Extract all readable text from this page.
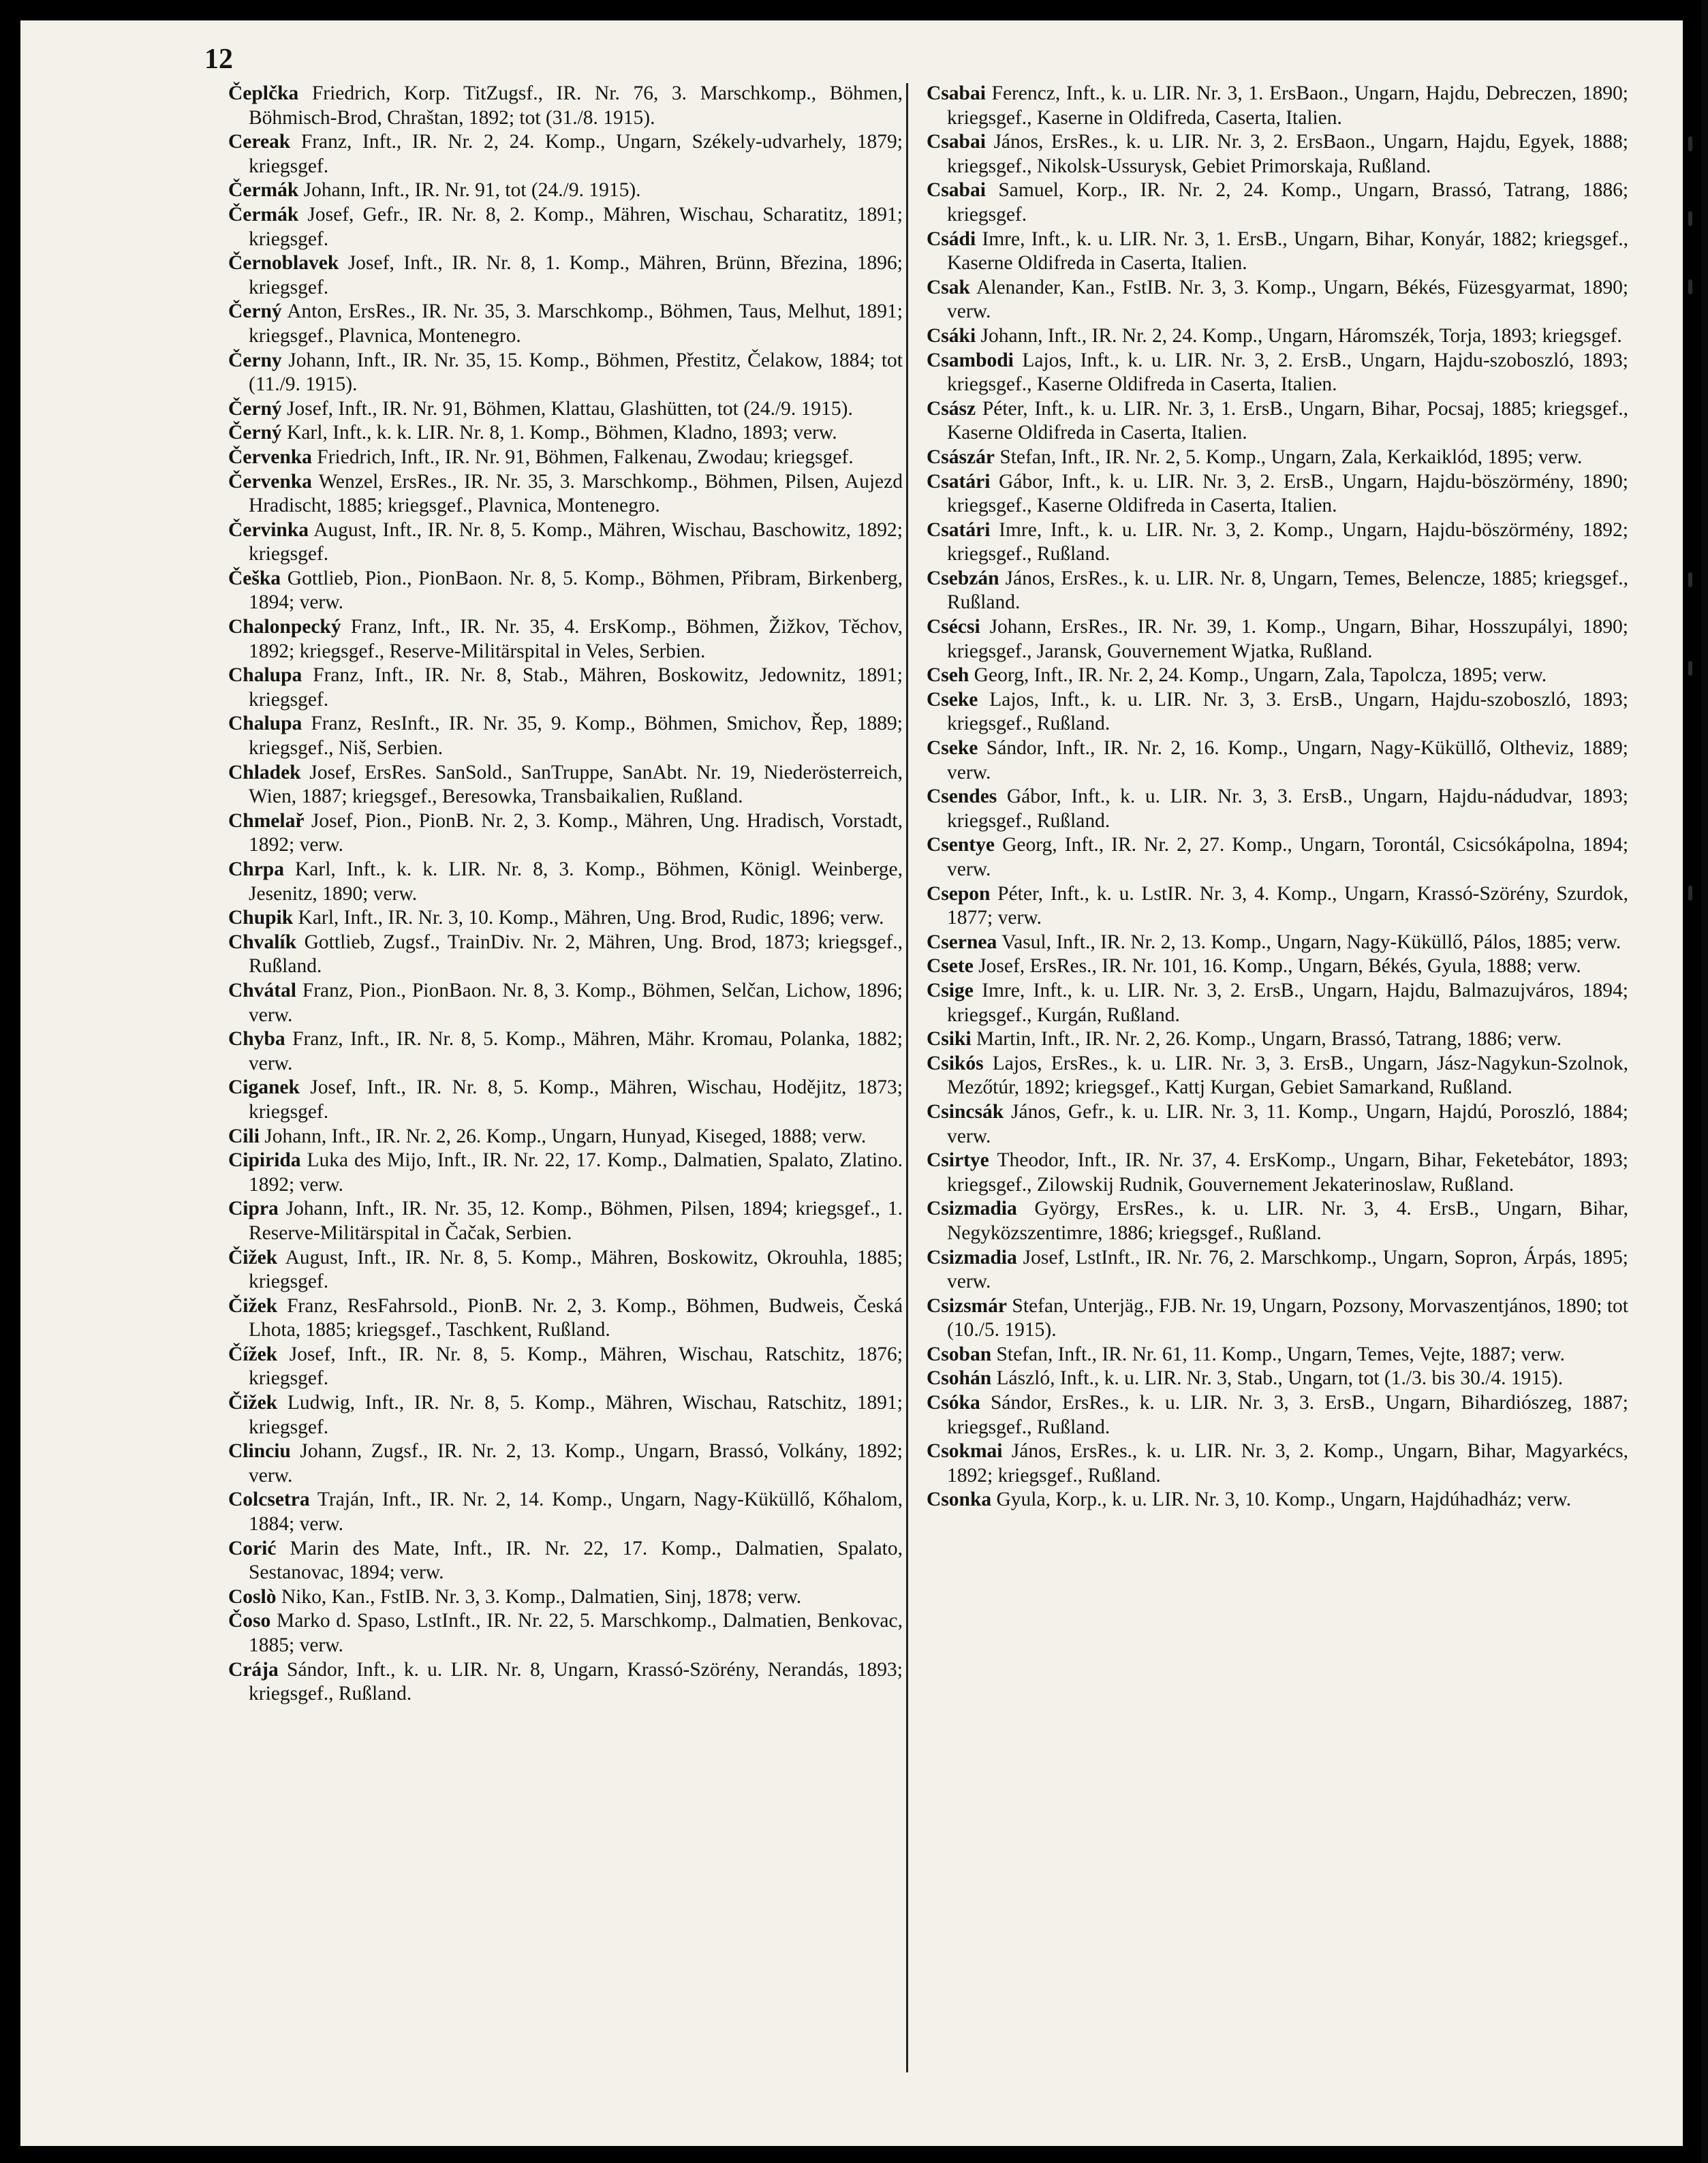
12

Čeplčka Friedrich, Korp. TitZugsf., IR. Nr. 76, 3. Marschkomp., Böhmen, Böhmisch-Brod, Chraštan, 1892; tot (31./8. 1915).

Cereak Franz, Inft., IR. Nr. 2, 24. Komp., Ungarn, Székely-udvarhely, 1879; kriegsgef.

Čermák Johann, Inft., IR. Nr. 91, tot (24./9. 1915).

Čermák Josef, Gefr., IR. Nr. 8, 2. Komp., Mähren, Wischau, Scharatitz, 1891; kriegsgef.

Černoblavek Josef, Inft., IR. Nr. 8, 1. Komp., Mähren, Brünn, Březina, 1896; kriegsgef.

Černý Anton, ErsRes., IR. Nr. 35, 3. Marschkomp., Böhmen, Taus, Melhut, 1891; kriegsgef., Plavnica, Montenegro.

Černy Johann, Inft., IR. Nr. 35, 15. Komp., Böhmen, Přestitz, Čelakow, 1884; tot (11./9. 1915).

Černý Josef, Inft., IR. Nr. 91, Böhmen, Klattau, Glashütten, tot (24./9. 1915).

Černý Karl, Inft., k. k. LIR. Nr. 8, 1. Komp., Böhmen, Kladno, 1893; verw.

Červenka Friedrich, Inft., IR. Nr. 91, Böhmen, Falkenau, Zwodau; kriegsgef.

Červenka Wenzel, ErsRes., IR. Nr. 35, 3. Marschkomp., Böhmen, Pilsen, Aujezd Hradischt, 1885; kriegsgef., Plavnica, Montenegro.

Červinka August, Inft., IR. Nr. 8, 5. Komp., Mähren, Wischau, Baschowitz, 1892; kriegsgef.

Češka Gottlieb, Pion., PionBaon. Nr. 8, 5. Komp., Böhmen, Přibram, Birkenberg, 1894; verw.

Chalonpecký Franz, Inft., IR. Nr. 35, 4. ErsKomp., Böhmen, Žižkov, Těchov, 1892; kriegsgef., Reserve-Militärspital in Veles, Serbien.

Chalupa Franz, Inft., IR. Nr. 8, Stab., Mähren, Boskowitz, Jedownitz, 1891; kriegsgef.

Chalupa Franz, ResInft., IR. Nr. 35, 9. Komp., Böhmen, Smichov, Řep, 1889; kriegsgef., Niš, Serbien.

Chladek Josef, ErsRes. SanSold., SanTruppe, SanAbt. Nr. 19, Niederösterreich, Wien, 1887; kriegsgef., Beresowka, Transbaikalien, Rußland.

Chmelař Josef, Pion., PionB. Nr. 2, 3. Komp., Mähren, Ung. Hradisch, Vorstadt, 1892; verw.

Chrpa Karl, Inft., k. k. LIR. Nr. 8, 3. Komp., Böhmen, Königl. Weinberge, Jesenitz, 1890; verw.

Chupik Karl, Inft., IR. Nr. 3, 10. Komp., Mähren, Ung. Brod, Rudic, 1896; verw.

Chvalík Gottlieb, Zugsf., TrainDiv. Nr. 2, Mähren, Ung. Brod, 1873; kriegsgef., Rußland.

Chvátal Franz, Pion., PionBaon. Nr. 8, 3. Komp., Böhmen, Selčan, Lichow, 1896; verw.

Chyba Franz, Inft., IR. Nr. 8, 5. Komp., Mähren, Mähr. Kromau, Polanka, 1882; verw.

Ciganek Josef, Inft., IR. Nr. 8, 5. Komp., Mähren, Wischau, Hodějitz, 1873; kriegsgef.

Cili Johann, Inft., IR. Nr. 2, 26. Komp., Ungarn, Hunyad, Kiseged, 1888; verw.

Cipirida Luka des Mijo, Inft., IR. Nr. 22, 17. Komp., Dalmatien, Spalato, Zlatino. 1892; verw.

Cipra Johann, Inft., IR. Nr. 35, 12. Komp., Böhmen, Pilsen, 1894; kriegsgef., 1. Reserve-Militärspital in Čačak, Serbien.

Čižek August, Inft., IR. Nr. 8, 5. Komp., Mähren, Boskowitz, Okrouhla, 1885; kriegsgef.

Čižek Franz, ResFahrsold., PionB. Nr. 2, 3. Komp., Böhmen, Budweis, Česká Lhota, 1885; kriegsgef., Taschkent, Rußland.

Čížek Josef, Inft., IR. Nr. 8, 5. Komp., Mähren, Wischau, Ratschitz, 1876; kriegsgef.

Čižek Ludwig, Inft., IR. Nr. 8, 5. Komp., Mähren, Wischau, Ratschitz, 1891; kriegsgef.

Clinciu Johann, Zugsf., IR. Nr. 2, 13. Komp., Ungarn, Brassó, Volkány, 1892; verw.

Colcsetra Traján, Inft., IR. Nr. 2, 14. Komp., Ungarn, Nagy-Küküllő, Kőhalom, 1884; verw.

Corić Marin des Mate, Inft., IR. Nr. 22, 17. Komp., Dalmatien, Spalato, Sestanovac, 1894; verw.

Coslò Niko, Kan., FstIB. Nr. 3, 3. Komp., Dalmatien, Sinj, 1878; verw.

Čoso Marko d. Spaso, LstInft., IR. Nr. 22, 5. Marschkomp., Dalmatien, Benkovac, 1885; verw.

Crája Sándor, Inft., k. u. LIR. Nr. 8, Ungarn, Krassó-Szörény, Nerandás, 1893; kriegsgef., Rußland.

Csabai Ferencz, Inft., k. u. LIR. Nr. 3, 1. ErsBaon., Ungarn, Hajdu, Debreczen, 1890; kriegsgef., Kaserne in Oldifreda, Caserta, Italien.

Csabai János, ErsRes., k. u. LIR. Nr. 3, 2. ErsBaon., Ungarn, Hajdu, Egyek, 1888; kriegsgef., Nikolsk-Ussurysk, Gebiet Primorskaja, Rußland.

Csabai Samuel, Korp., IR. Nr. 2, 24. Komp., Ungarn, Brassó, Tatrang, 1886; kriegsgef.

Csádi Imre, Inft., k. u. LIR. Nr. 3, 1. ErsB., Ungarn, Bihar, Konyár, 1882; kriegsgef., Kaserne Oldifreda in Caserta, Italien.

Csak Alenander, Kan., FstIB. Nr. 3, 3. Komp., Ungarn, Békés, Füzesgyarmat, 1890; verw.

Csáki Johann, Inft., IR. Nr. 2, 24. Komp., Ungarn, Háromszék, Torja, 1893; kriegsgef.

Csambodi Lajos, Inft., k. u. LIR. Nr. 3, 2. ErsB., Ungarn, Hajdu-szoboszló, 1893; kriegsgef., Kaserne Oldifreda in Caserta, Italien.

Csász Péter, Inft., k. u. LIR. Nr. 3, 1. ErsB., Ungarn, Bihar, Pocsaj, 1885; kriegsgef., Kaserne Oldifreda in Caserta, Italien.

Császár Stefan, Inft., IR. Nr. 2, 5. Komp., Ungarn, Zala, Kerkaiklód, 1895; verw.

Csatári Gábor, Inft., k. u. LIR. Nr. 3, 2. ErsB., Ungarn, Hajdu-böszörmény, 1890; kriegsgef., Kaserne Oldifreda in Caserta, Italien.

Csatári Imre, Inft., k. u. LIR. Nr. 3, 2. Komp., Ungarn, Hajdu-böszörmény, 1892; kriegsgef., Rußland.

Csebzán János, ErsRes., k. u. LIR. Nr. 8, Ungarn, Temes, Belencze, 1885; kriegsgef., Rußland.

Csécsi Johann, ErsRes., IR. Nr. 39, 1. Komp., Ungarn, Bihar, Hosszupályi, 1890; kriegsgef., Jaransk, Gouvernement Wjatka, Rußland.

Cseh Georg, Inft., IR. Nr. 2, 24. Komp., Ungarn, Zala, Tapolcza, 1895; verw.

Cseke Lajos, Inft., k. u. LIR. Nr. 3, 3. ErsB., Ungarn, Hajdu-szoboszló, 1893; kriegsgef., Rußland.

Cseke Sándor, Inft., IR. Nr. 2, 16. Komp., Ungarn, Nagy-Küküllő, Oltheviz, 1889; verw.

Csendes Gábor, Inft., k. u. LIR. Nr. 3, 3. ErsB., Ungarn, Hajdu-nádudvar, 1893; kriegsgef., Rußland.

Csentye Georg, Inft., IR. Nr. 2, 27. Komp., Ungarn, Torontál, Csicsókápolna, 1894; verw.

Csepon Péter, Inft., k. u. LstIR. Nr. 3, 4. Komp., Ungarn, Krassó-Szörény, Szurdok, 1877; verw.

Csernea Vasul, Inft., IR. Nr. 2, 13. Komp., Ungarn, Nagy-Küküllő, Pálos, 1885; verw.

Csete Josef, ErsRes., IR. Nr. 101, 16. Komp., Ungarn, Békés, Gyula, 1888; verw.

Csige Imre, Inft., k. u. LIR. Nr. 3, 2. ErsB., Ungarn, Hajdu, Balmazujváros, 1894; kriegsgef., Kurgán, Rußland.

Csiki Martin, Inft., IR. Nr. 2, 26. Komp., Ungarn, Brassó, Tatrang, 1886; verw.

Csikós Lajos, ErsRes., k. u. LIR. Nr. 3, 3. ErsB., Ungarn, Jász-Nagykun-Szolnok, Mezőtúr, 1892; kriegsgef., Kattj Kurgan, Gebiet Samarkand, Rußland.

Csincsák János, Gefr., k. u. LIR. Nr. 3, 11. Komp., Ungarn, Hajdú, Poroszló, 1884; verw.

Csirtye Theodor, Inft., IR. Nr. 37, 4. ErsKomp., Ungarn, Bihar, Feketebátor, 1893; kriegsgef., Zilowskij Rudnik, Gouvernement Jekaterinoslaw, Rußland.

Csizmadia György, ErsRes., k. u. LIR. Nr. 3, 4. ErsB., Ungarn, Bihar, Negyközszentimre, 1886; kriegsgef., Rußland.

Csizmadia Josef, LstInft., IR. Nr. 76, 2. Marschkomp., Ungarn, Sopron, Árpás, 1895; verw.

Csizsmár Stefan, Unterjäg., FJB. Nr. 19, Ungarn, Pozsony, Morvaszentjános, 1890; tot (10./5. 1915).

Csoban Stefan, Inft., IR. Nr. 61, 11. Komp., Ungarn, Temes, Vejte, 1887; verw.

Csohán László, Inft., k. u. LIR. Nr. 3, Stab., Ungarn, tot (1./3. bis 30./4. 1915).

Csóka Sándor, ErsRes., k. u. LIR. Nr. 3, 3. ErsB., Ungarn, Bihardiószeg, 1887; kriegsgef., Rußland.

Csokmai János, ErsRes., k. u. LIR. Nr. 3, 2. Komp., Ungarn, Bihar, Magyarkécs, 1892; kriegsgef., Rußland.

Csonka Gyula, Korp., k. u. LIR. Nr. 3, 10. Komp., Ungarn, Hajdúhadház; verw.
